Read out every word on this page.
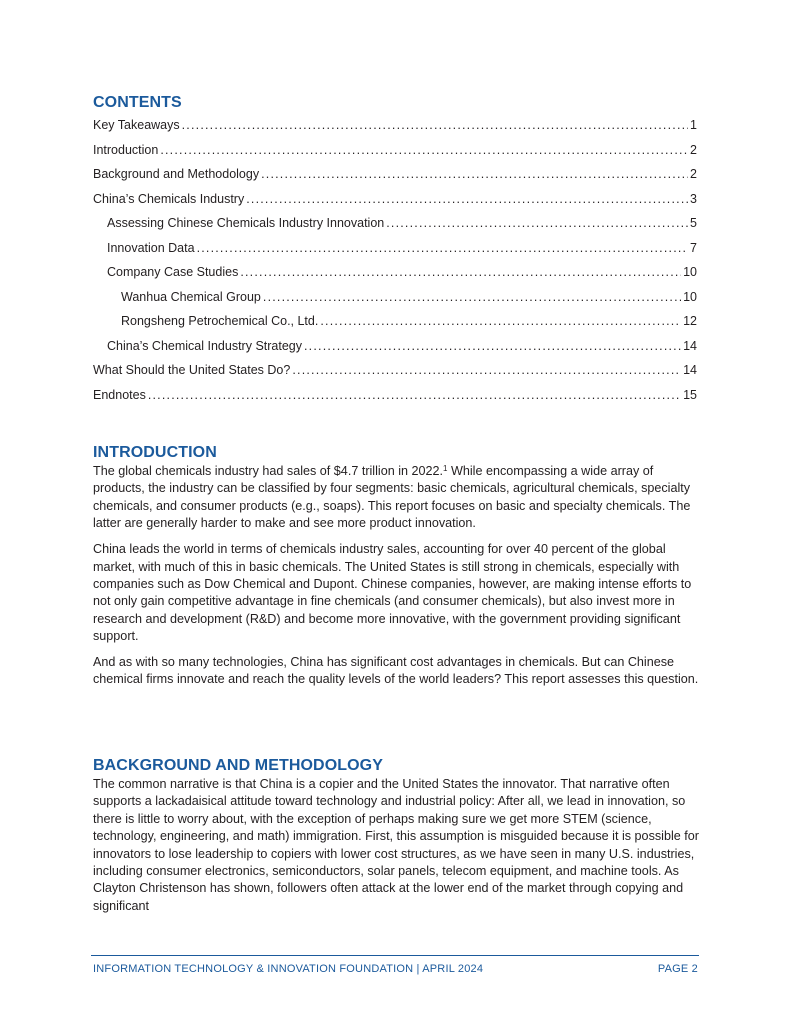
CONTENTS
Key Takeaways .....	1
Introduction .....	2
Background and Methodology .....	2
China’s Chemicals Industry .....	3
Assessing Chinese Chemicals Industry Innovation .....	5
Innovation Data .....	7
Company Case Studies .....	10
Wanhua Chemical Group .....	10
Rongsheng Petrochemical Co., Ltd. .....	12
China’s Chemical Industry Strategy .....	14
What Should the United States Do? .....	14
Endnotes .....	15
INTRODUCTION

The global chemicals industry had sales of $4.7 trillion in 2022.$^1$ While encompassing a wide array of products, the industry can be classified by four segments: basic chemicals, agricultural chemicals, specialty chemicals, and consumer products (e.g., soaps). This report focuses on basic and specialty chemicals. The latter are generally harder to make and see more product innovation.

China leads the world in terms of chemicals industry sales, accounting for over 40 percent of the global market, with much of this in basic chemicals. The United States is still strong in chemicals, especially with companies such as Dow Chemical and Dupont. Chinese companies, however, are making intense efforts to not only gain competitive advantage in fine chemicals (and consumer chemicals), but also invest more in research and development (R&D) and become more innovative, with the government providing significant support.

And as with so many technologies, China has significant cost advantages in chemicals. But can Chinese chemical firms innovate and reach the quality levels of the world leaders? This report assesses this question.

BACKGROUND AND METHODOLOGY

The common narrative is that China is a copier and the United States the innovator. That narrative often supports a lackadaisical attitude toward technology and industrial policy: After all, we lead in innovation, so there is little to worry about, with the exception of perhaps making sure we get more STEM (science, technology, engineering, and math) immigration. First, this assumption is misguided because it is possible for innovators to lose leadership to copiers with lower cost structures, as we have seen in many U.S. industries, including consumer electronics, semiconductors, solar panels, telecom equipment, and machine tools. As Clayton Christenson has shown, followers often attack at the lower end of the market through copying and significant

INFORMATION TECHNOLOGY & INNOVATION FOUNDATION | APRIL 2024	PAGE 2
